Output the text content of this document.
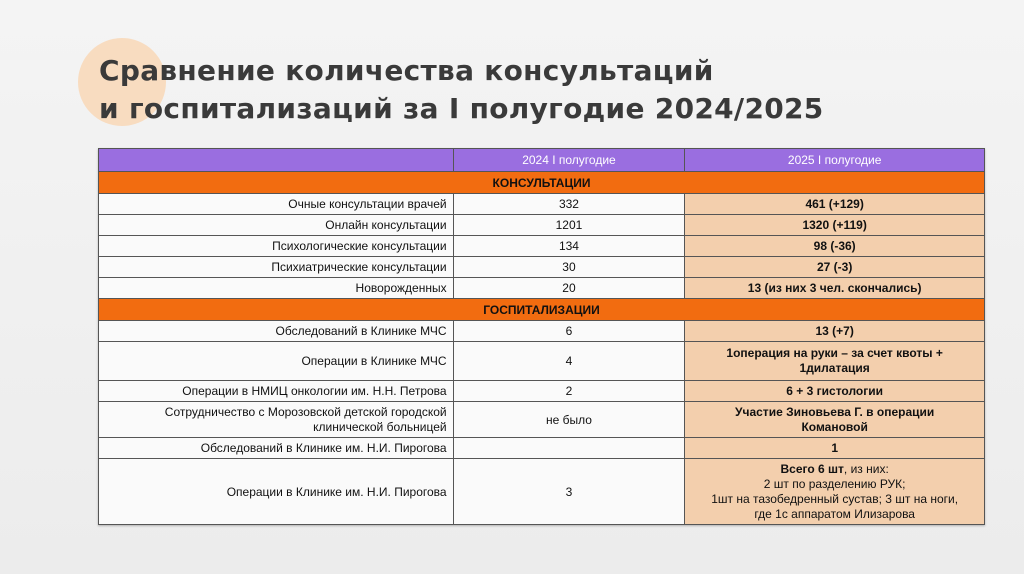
Сравнение количества консультаций
и госпитализаций за I полугодие 2024/2025
	2024 I полугодие	2025 I полугодие
КОНСУЛЬТАЦИИ		
Очные консультации врачей	332	461 (+129)
Онлайн консультации	1201	1320 (+119)
Психологические консультации	134	98 (-36)
Психиатрические консультации	30	27 (-3)
Новорожденных	20	13 (из них 3 чел. скончались)
ГОСПИТАЛИЗАЦИИ		
Обследований в Клинике МЧС	6	13 (+7)
Операции в Клинике МЧС	4	1операция на руки – за счет квоты +
1дилатация
Операции в НМИЦ онкологии им. Н.Н. Петрова	2	6 + 3 гистологии
Сотрудничество с Морозовской детской городской
клинической больницей	не было	Участие Зиновьева Г. в операции
Комановой
Обследований в Клинике им. Н.И. Пирогова		1
Операции в Клинике им. Н.И. Пирогова	3	Всего 6 шт, из них:
2 шт по разделению РУК;
1шт на тазобедренный сустав; 3 шт на ноги,
где 1с аппаратом Илизарова
